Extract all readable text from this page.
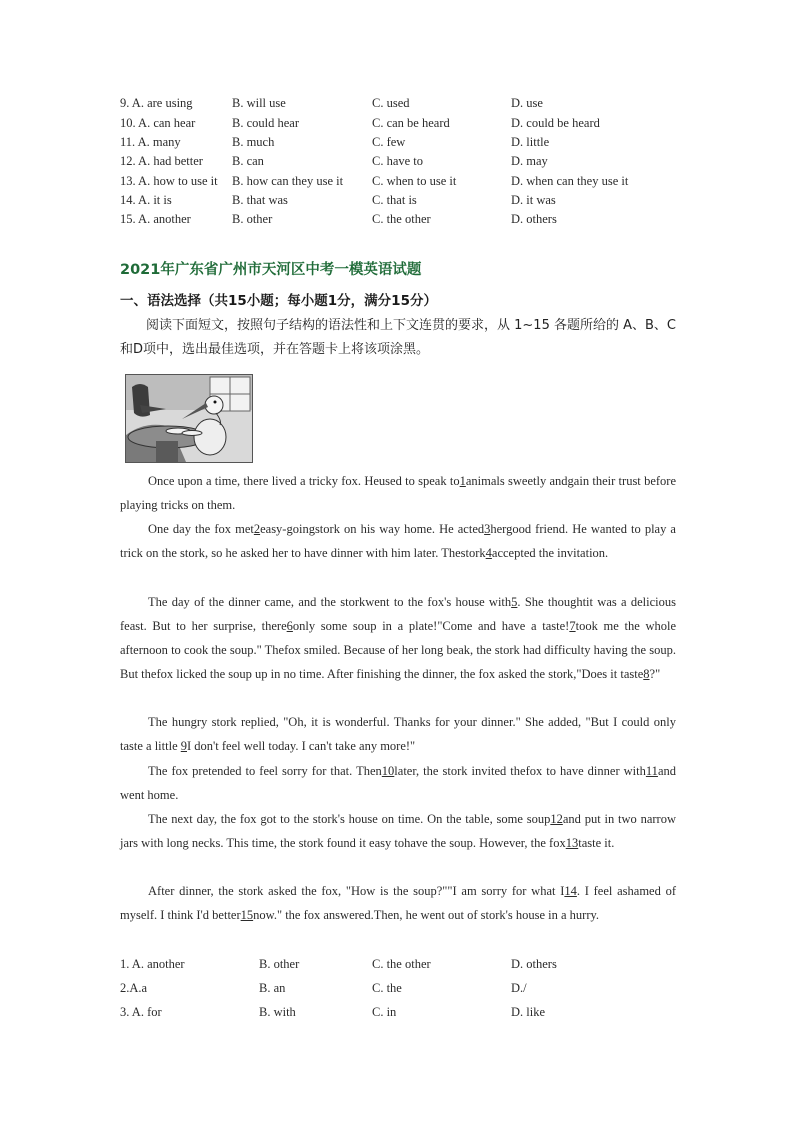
9. A. are using	B. will use	C. used	D. use
10. A. can hear	B. could hear	C. can be heard	D. could be heard
11. A. many	B. much	C. few	D. little
12. A. had better B. can	C. have to	D. may
13. A. how to use it B. how can they use it C. when to use it	D. when can they use it
14. A. it is	B. that was	C. that is	D. it was
15. A. another	B. other	C. the other	D. others
2021年广东省广州市天河区中考一模英语试题
一、语法选择（共15小题；每小题1分，满分15分）
阅读下面短文，按照句子结构的语法性和上下文连贯的要求，从 1~15 各题所给的 A、B、C和D项中，选出最佳选项，并在答题卡上将该项涂黑。
Once upon a time, there lived a tricky fox. Heused to speak to1animals sweetly andgain their trust before playing tricks on them.
One day the fox met2easy-goingstork on his way home. He acted3hergood friend. He wanted to play a trick on the stork, so he asked her to have dinner with him later. Thestork4accepted the invitation.
The day of the dinner came, and the storkwent to the fox's house with5. She thoughtit was a delicious feast. But to her surprise, there6only some soup in a plate!"Come and have a taste!7took me the whole afternoon to cook the soup." Thefox smiled. Because of her long beak, the stork had difficulty having the soup. But thefox licked the soup up in no time. After finishing the dinner, the fox asked the stork,"Does it taste8?"
The hungry stork replied, "Oh, it is wonderful. Thanks for your dinner." She added, "But I could only taste a little 9I don't feel well today. I can't take any more!"
The fox pretended to feel sorry for that. Then10later, the stork invited thefox to have dinner with11and went home.
The next day, the fox got to the stork's house on time. On the table, some soup12and put in two narrow jars with long necks. This time, the stork found it easy tohave the soup. However, the fox13taste it.
After dinner, the stork asked the fox, "How is the soup?""I am sorry for what I14. I feel ashamed of myself. I think I'd better15now." the fox answered.Then, he went out of stork's house in a hurry.
1. A. another	B. other	C. the other	D. others
2.A.a	B. an	C. the	D./
3. A. for	B. with	C. in	D. like
